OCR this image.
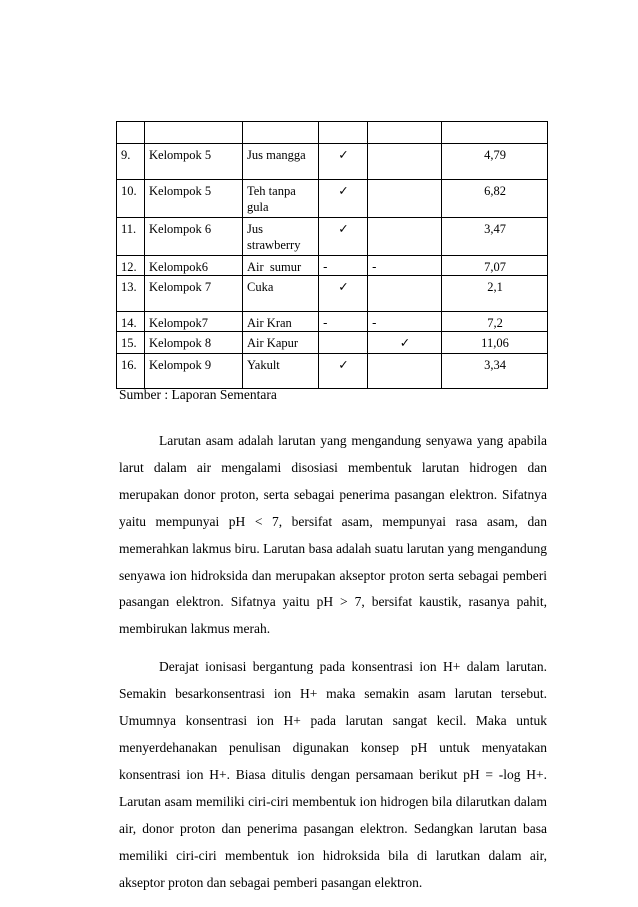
9.	Kelompok 5	Jus mangga	✓		4,79
10.	Kelompok 5	Teh tanpa gula	✓		6,82
11.	Kelompok 6	Jus strawberry	✓		3,47
12.	Kelompok6	Air  sumur	-	-	7,07
13.	Kelompok 7	Cuka	✓		2,1
14.	Kelompok7	Air Kran	-	-	7,2
15.	Kelompok 8	Air Kapur		✓	11,06
16.	Kelompok 9	Yakult	✓		3,34
Sumber : Laporan Sementara

Larutan asam adalah larutan yang mengandung senyawa yang apabila larut dalam air mengalami disosiasi membentuk larutan hidrogen dan merupakan donor proton, serta sebagai penerima pasangan elektron. Sifatnya yaitu mempunyai pH < 7, bersifat asam, mempunyai rasa asam, dan memerahkan lakmus biru. Larutan basa adalah suatu larutan yang mengandung senyawa ion hidroksida dan merupakan akseptor proton serta sebagai pemberi pasangan elektron. Sifatnya yaitu pH > 7, bersifat kaustik, rasanya pahit, membirukan lakmus merah.

Derajat ionisasi bergantung pada konsentrasi ion H+ dalam larutan. Semakin besarkonsentrasi ion H+ maka semakin asam larutan tersebut. Umumnya konsentrasi ion H+ pada larutan sangat kecil. Maka untuk menyerdehanakan penulisan digunakan konsep pH untuk menyatakan konsentrasi ion H+. Biasa ditulis dengan persamaan berikut pH = -log H+. Larutan asam memiliki ciri-ciri membentuk ion hidrogen bila dilarutkan dalam air, donor proton dan penerima pasangan elektron. Sedangkan larutan basa memiliki ciri-ciri membentuk ion hidroksida bila di larutkan dalam air, akseptor proton dan sebagai pemberi pasangan elektron.
